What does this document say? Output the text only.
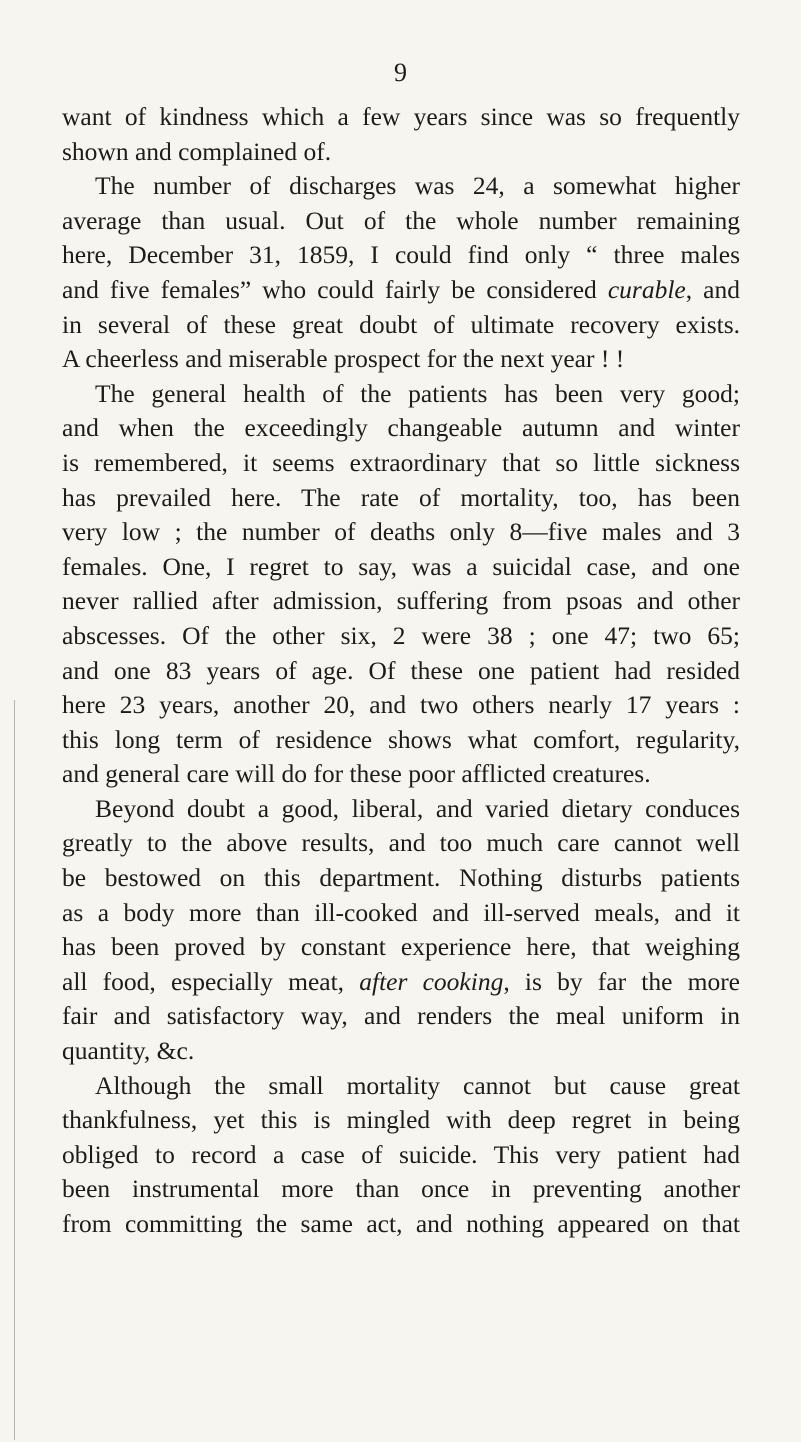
9
want of kindness which a few years since was so frequently
shown and complained of.
The number of discharges was 24, a somewhat higher
average than usual. Out of the whole number remaining
here, December 31, 1859, I could find only “ three males
and five females” who could fairly be considered curable, and
in several of these great doubt of ultimate recovery exists.
A cheerless and miserable prospect for the next year ! !
The general health of the patients has been very good;
and when the exceedingly changeable autumn and winter
is remembered, it seems extraordinary that so little sickness
has prevailed here. The rate of mortality, too, has been
very low ; the number of deaths only 8—five males and 3
females. One, I regret to say, was a suicidal case, and one
never rallied after admission, suffering from psoas and other
abscesses. Of the other six, 2 were 38 ; one 47; two 65;
and one 83 years of age. Of these one patient had resided
here 23 years, another 20, and two others nearly 17 years :
this long term of residence shows what comfort, regularity,
and general care will do for these poor afflicted creatures.
Beyond doubt a good, liberal, and varied dietary conduces
greatly to the above results, and too much care cannot well
be bestowed on this department. Nothing disturbs patients
as a body more than ill-cooked and ill-served meals, and it
has been proved by constant experience here, that weighing
all food, especially meat, after cooking, is by far the more
fair and satisfactory way, and renders the meal uniform in
quantity, &c.
Although the small mortality cannot but cause great
thankfulness, yet this is mingled with deep regret in being
obliged to record a case of suicide. This very patient had
been instrumental more than once in preventing another
from committing the same act, and nothing appeared on that
